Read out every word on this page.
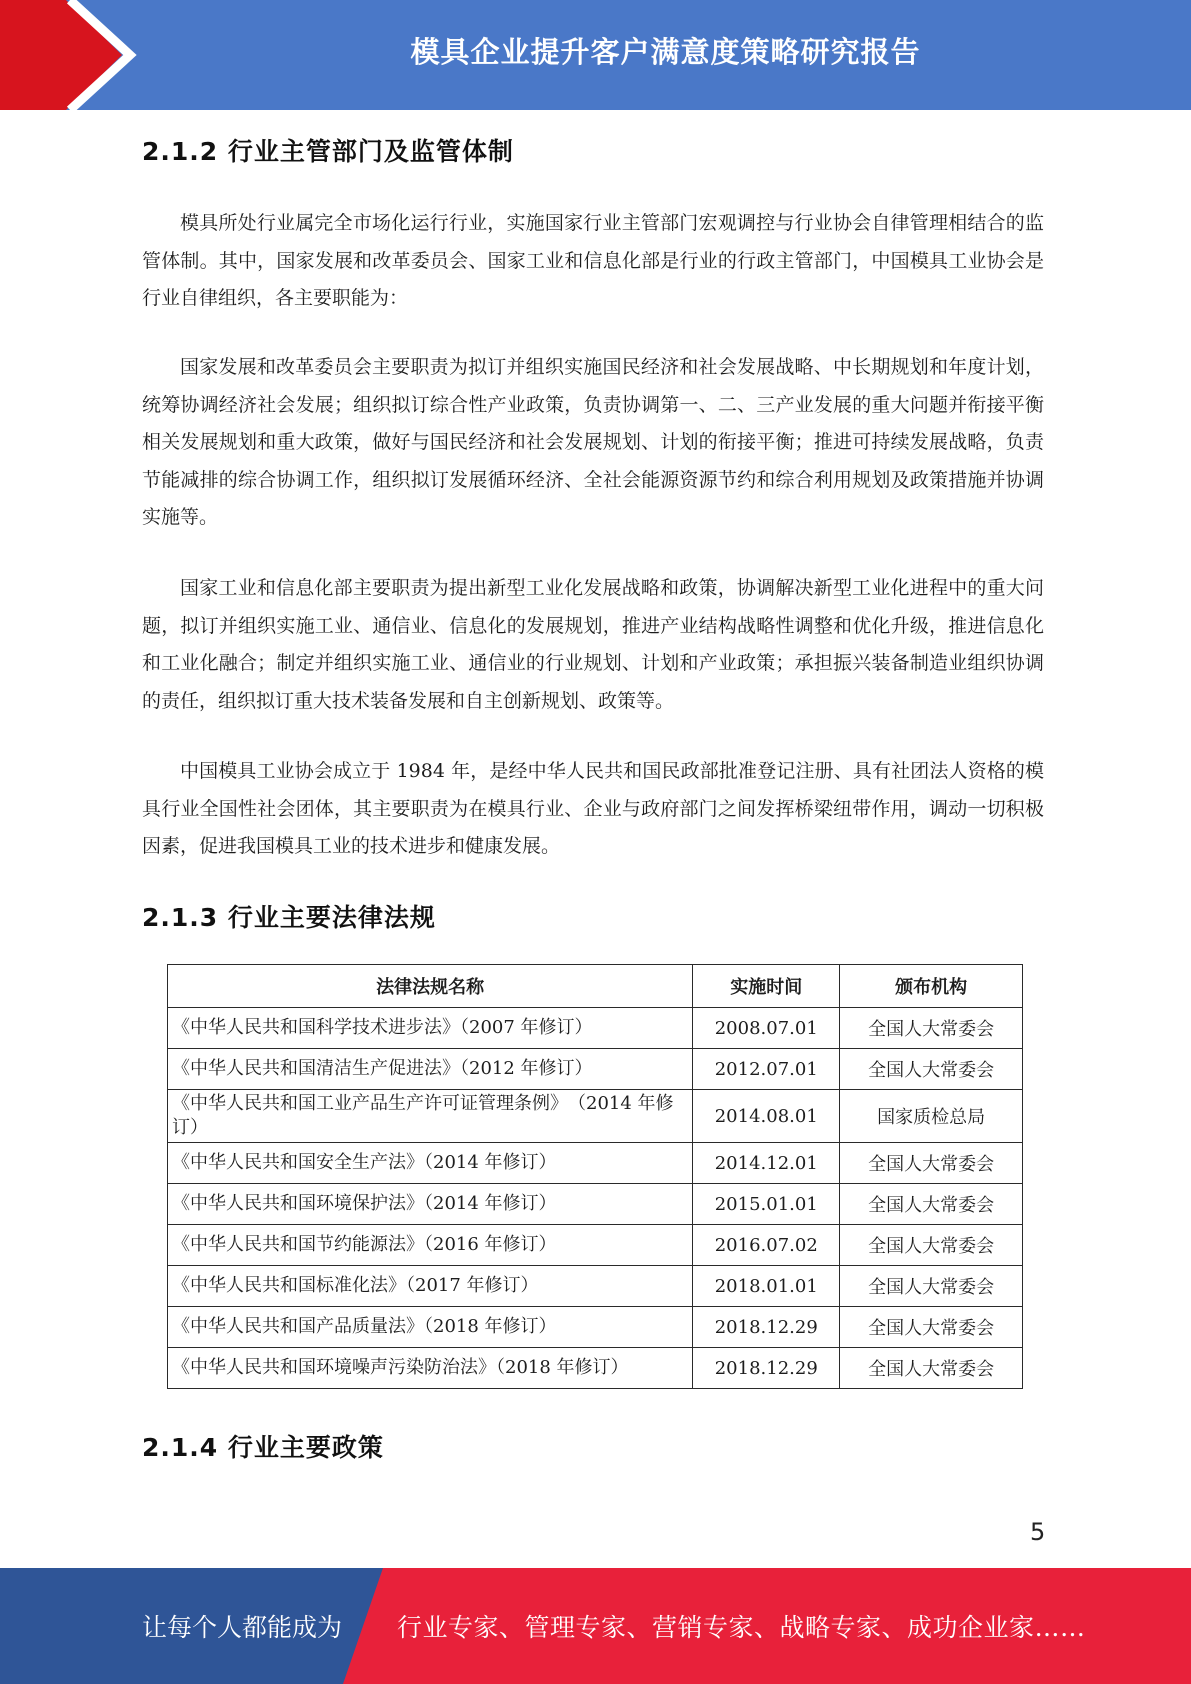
模具企业提升客户满意度策略研究报告
2.1.2 行业主管部门及监管体制

模具所处行业属完全市场化运行行业，实施国家行业主管部门宏观调控与行业协会自律管理相结合的监管体制。其中，国家发展和改革委员会、国家工业和信息化部是行业的行政主管部门，中国模具工业协会是行业自律组织，各主要职能为：

国家发展和改革委员会主要职责为拟订并组织实施国民经济和社会发展战略、中长期规划和年度计划，统筹协调经济社会发展；组织拟订综合性产业政策，负责协调第一、二、三产业发展的重大问题并衔接平衡相关发展规划和重大政策，做好与国民经济和社会发展规划、计划的衔接平衡；推进可持续发展战略，负责节能减排的综合协调工作，组织拟订发展循环经济、全社会能源资源节约和综合利用规划及政策措施并协调实施等。

国家工业和信息化部主要职责为提出新型工业化发展战略和政策，协调解决新型工业化进程中的重大问题，拟订并组织实施工业、通信业、信息化的发展规划，推进产业结构战略性调整和优化升级，推进信息化和工业化融合；制定并组织实施工业、通信业的行业规划、计划和产业政策；承担振兴装备制造业组织协调的责任，组织拟订重大技术装备发展和自主创新规划、政策等。

中国模具工业协会成立于 1984 年，是经中华人民共和国民政部批准登记注册、具有社团法人资格的模具行业全国性社会团体，其主要职责为在模具行业、企业与政府部门之间发挥桥梁纽带作用，调动一切积极因素，促进我国模具工业的技术进步和健康发展。

2.1.3 行业主要法律法规
2.1.4 行业主要政策
法律法规名称	实施时间	颁布机构
《中华人民共和国科学技术进步法》（2007 年修订）	2008.07.01	全国人大常委会
《中华人民共和国清洁生产促进法》（2012 年修订）	2012.07.01	全国人大常委会
《中华人民共和国工业产品生产许可证管理条例》　（2014 年修订）	2014.08.01	国家质检总局
《中华人民共和国安全生产法》（2014 年修订）	2014.12.01	全国人大常委会
《中华人民共和国环境保护法》（2014 年修订）	2015.01.01	全国人大常委会
《中华人民共和国节约能源法》（2016 年修订）	2016.07.02	全国人大常委会
《中华人民共和国标准化法》（2017 年修订）	2018.01.01	全国人大常委会
《中华人民共和国产品质量法》（2018 年修订）	2018.12.29	全国人大常委会
《中华人民共和国环境噪声污染防治法》（2018 年修订）	2018.12.29	全国人大常委会
5
让每个人都能成为 行业专家、管理专家、营销专家、战略专家、成功企业家……
